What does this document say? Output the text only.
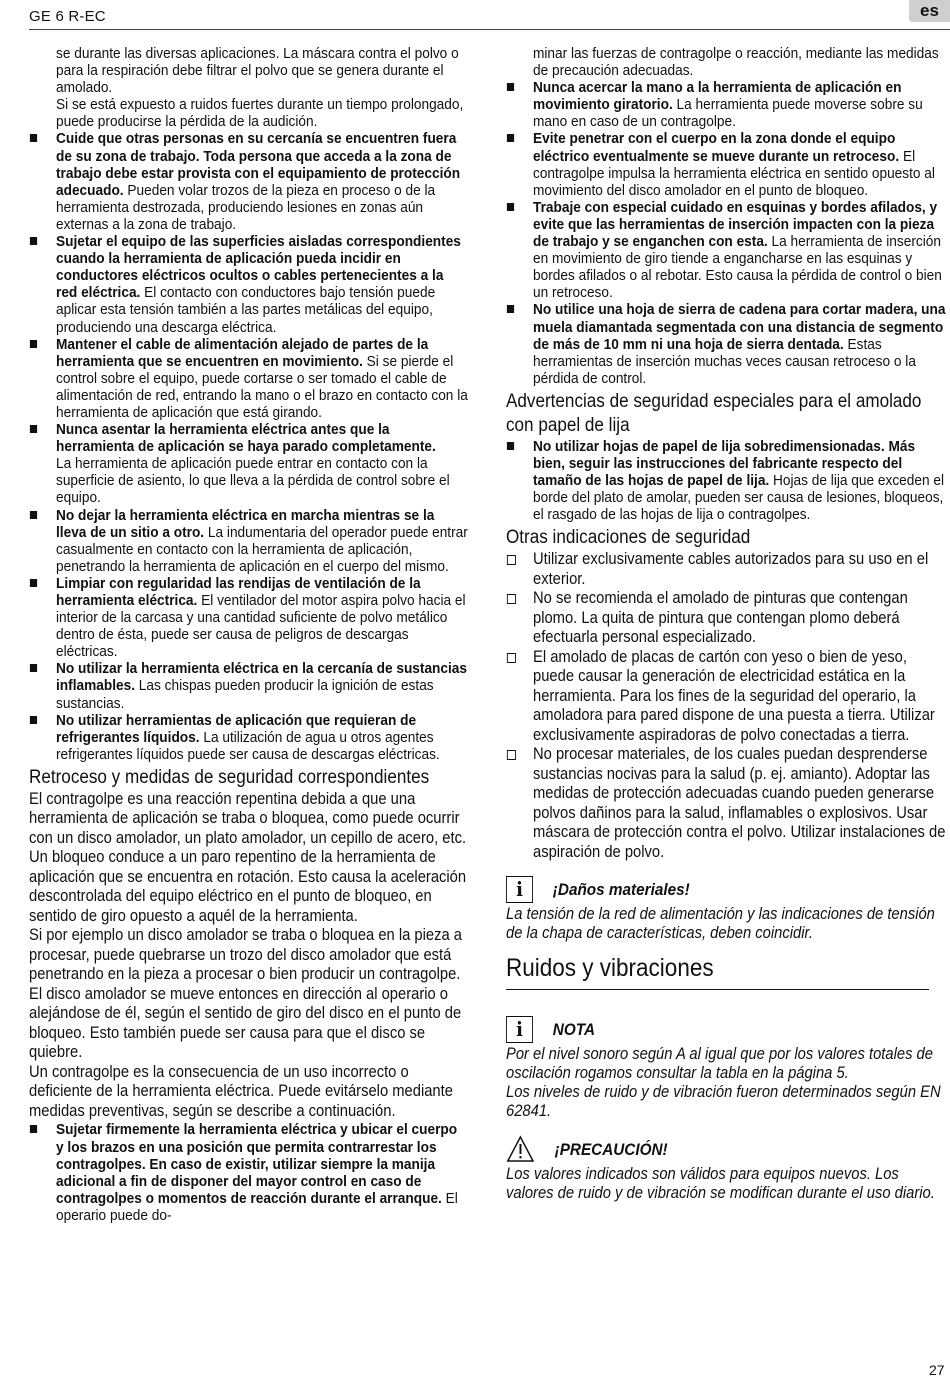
GE 6 R-EC	es

se durante las diversas aplicaciones. La máscara contra el polvo o para la respiración debe filtrar el polvo que se genera durante el amolado.

Si se está expuesto a ruidos fuertes durante un tiempo prolongado, puede producirse la pérdida de la audición.

Cuide que otras personas en su cercanía se encuentren fuera de su zona de trabajo. Toda persona que acceda a la zona de trabajo debe estar provista con el equipamiento de protección adecuado. Pueden volar trozos de la pieza en proceso o de la herramienta destrozada, produciendo lesiones en zonas aún externas a la zona de trabajo.

Sujetar el equipo de las superficies aisladas correspondientes cuando la herramienta de aplicación pueda incidir en conductores eléctricos ocultos o cables pertenecientes a la red eléctrica. El contacto con conductores bajo tensión puede aplicar esta tensión también a las partes metálicas del equipo, produciendo una descarga eléctrica.

Mantener el cable de alimentación alejado de partes de la herramienta que se encuentren en movimiento. Si se pierde el control sobre el equipo, puede cortarse o ser tomado el cable de alimentación de red, entrando la mano o el brazo en contacto con la herramienta de aplicación que está girando.

Nunca asentar la herramienta eléctrica antes que la herramienta de aplicación se haya parado completamente.
La herramienta de aplicación puede entrar en contacto con la superficie de asiento, lo que lleva a la pérdida de control sobre el equipo.

No dejar la herramienta eléctrica en marcha mientras se la lleva de un sitio a otro. La indumentaria del operador puede entrar casualmente en contacto con la herramienta de aplicación, penetrando la herramienta de aplicación en el cuerpo del mismo.

Limpiar con regularidad las rendijas de ventilación de la herramienta eléctrica. El ventilador del motor aspira polvo hacia el interior de la carcasa y una cantidad suficiente de polvo metálico dentro de ésta, puede ser causa de peligros de descargas eléctricas.

No utilizar la herramienta eléctrica en la cercanía de sustancias inflamables. Las chispas pueden producir la ignición de estas sustancias.

No utilizar herramientas de aplicación que requieran de refrigerantes líquidos. La utilización de agua u otros agentes refrigerantes líquidos puede ser causa de descargas eléctricas.

Retroceso y medidas de seguridad correspondientes

El contragolpe es una reacción repentina debida a que una herramienta de aplicación se traba o bloquea, como puede ocurrir con un disco amolador, un plato amolador, un cepillo de acero, etc.

Un bloqueo conduce a un paro repentino de la herramienta de aplicación que se encuentra en rotación. Esto causa la aceleración descontrolada del equipo eléctrico en el punto de bloqueo, en sentido de giro opuesto a aquél de la herramienta.

Si por ejemplo un disco amolador se traba o bloquea en la pieza a procesar, puede quebrarse un trozo del disco amolador que está penetrando en la pieza a procesar o bien producir un contragolpe. El disco amolador se mueve entonces en dirección al operario o alejándose de él, según el sentido de giro del disco en el punto de bloqueo. Esto también puede ser causa para que el disco se quiebre.

Un contragolpe es la consecuencia de un uso incorrecto o deficiente de la herramienta eléctrica. Puede evitárselo mediante medidas preventivas, según se describe a continuación.

Sujetar firmemente la herramienta eléctrica y ubicar el cuerpo y los brazos en una posición que permita contrarrestar los contragolpes. En caso de existir, utilizar siempre la manija adicional a fin de disponer del mayor control en caso de contragolpes o momentos de reacción durante el arranque. El operario puede do-

minar las fuerzas de contragolpe o reacción, mediante las medidas de precaución adecuadas.

Nunca acercar la mano a la herramienta de aplicación en movimiento giratorio. La herramienta puede moverse sobre su mano en caso de un contragolpe.

Evite penetrar con el cuerpo en la zona donde el equipo eléctrico eventualmente se mueve durante un retroceso. El contragolpe impulsa la herramienta eléctrica en sentido opuesto al movimiento del disco amolador en el punto de bloqueo.

Trabaje con especial cuidado en esquinas y bordes afilados, y evite que las herramientas de inserción impacten con la pieza de trabajo y se enganchen con esta. La herramienta de inserción en movimiento de giro tiende a engancharse en las esquinas y bordes afilados o al rebotar. Esto causa la pérdida de control o bien un retroceso.

No utilice una hoja de sierra de cadena para cortar madera, una muela diamantada segmentada con una distancia de segmento de más de 10 mm ni una hoja de sierra dentada. Estas herramientas de inserción muchas veces causan retroceso o la pérdida de control.

Advertencias de seguridad especiales para el amolado con papel de lija

No utilizar hojas de papel de lija sobredimensionadas. Más bien, seguir las instrucciones del fabricante respecto del tamaño de las hojas de papel de lija. Hojas de lija que exceden el borde del plato de amolar, pueden ser causa de lesiones, bloqueos, el rasgado de las hojas de lija o contragolpes.

Otras indicaciones de seguridad

Utilizar exclusivamente cables autorizados para su uso en el exterior.

No se recomienda el amolado de pinturas que contengan plomo. La quita de pintura que contengan plomo deberá efectuarla personal especializado.

El amolado de placas de cartón con yeso o bien de yeso, puede causar la generación de electricidad estática en la herramienta. Para los fines de la seguridad del operario, la amoladora para pared dispone de una puesta a tierra. Utilizar exclusivamente aspiradoras de polvo conectadas a tierra.

No procesar materiales, de los cuales puedan desprenderse sustancias nocivas para la salud (p. ej. amianto). Adoptar las medidas de protección adecuadas cuando pueden generarse polvos dañinos para la salud, inflamables o explosivos. Usar máscara de protección contra el polvo. Utilizar instalaciones de aspiración de polvo.

i	¡Daños materiales!

La tensión de la red de alimentación y las indicaciones de tensión de la chapa de características, deben coincidir.

Ruidos y vibraciones
i	NOTA

Por el nivel sonoro según A al igual que por los valores totales de oscilación rogamos consultar la tabla en la página 5.

Los niveles de ruido y de vibración fueron determinados según EN 62841.

¡PRECAUCIÓN!

Los valores indicados son válidos para equipos nuevos. Los valores de ruido y de vibración se modifican durante el uso diario.

27
